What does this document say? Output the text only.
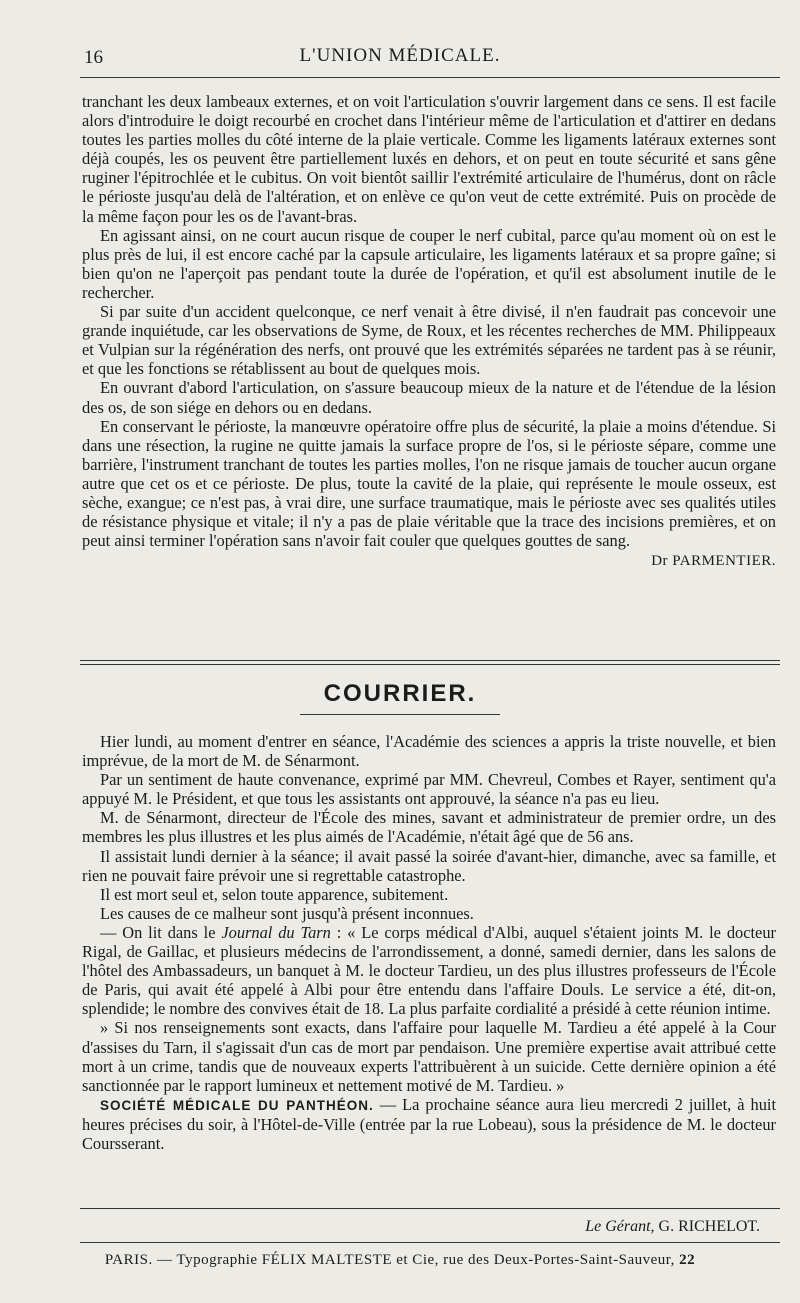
16	L'UNION MÉDICALE.

tranchant les deux lambeaux externes, et on voit l'articulation s'ouvrir largement dans ce sens. Il est facile alors d'introduire le doigt recourbé en crochet dans l'intérieur même de l'articulation et d'attirer en dedans toutes les parties molles du côté interne de la plaie verticale. Comme les ligaments latéraux externes sont déjà coupés, les os peuvent être partiellement luxés en dehors, et on peut en toute sécurité et sans gêne ruginer l'épitrochlée et le cubitus. On voit bientôt saillir l'extrémité articulaire de l'humérus, dont on râcle le périoste jusqu'au delà de l'altération, et on enlève ce qu'on veut de cette extrémité. Puis on procède de la même façon pour les os de l'avant-bras.

En agissant ainsi, on ne court aucun risque de couper le nerf cubital, parce qu'au moment où on est le plus près de lui, il est encore caché par la capsule articulaire, les ligaments latéraux et sa propre gaîne; si bien qu'on ne l'aperçoit pas pendant toute la durée de l'opération, et qu'il est absolument inutile de le rechercher.

Si par suite d'un accident quelconque, ce nerf venait à être divisé, il n'en faudrait pas concevoir une grande inquiétude, car les observations de Syme, de Roux, et les récentes recherches de MM. Philippeaux et Vulpian sur la régénération des nerfs, ont prouvé que les extrémités séparées ne tardent pas à se réunir, et que les fonctions se rétablissent au bout de quelques mois.

En ouvrant d'abord l'articulation, on s'assure beaucoup mieux de la nature et de l'étendue de la lésion des os, de son siége en dehors ou en dedans.

En conservant le périoste, la manœuvre opératoire offre plus de sécurité, la plaie a moins d'étendue. Si dans une résection, la rugine ne quitte jamais la surface propre de l'os, si le périoste sépare, comme une barrière, l'instrument tranchant de toutes les parties molles, l'on ne risque jamais de toucher aucun organe autre que cet os et ce périoste. De plus, toute la cavité de la plaie, qui représente le moule osseux, est sèche, exangue; ce n'est pas, à vrai dire, une surface traumatique, mais le périoste avec ses qualités utiles de résistance physique et vitale; il n'y a pas de plaie véritable que la trace des incisions premières, et on peut ainsi terminer l'opération sans n'avoir fait couler que quelques gouttes de sang.

Dr PARMENTIER.
COURRIER.

Hier lundi, au moment d'entrer en séance, l'Académie des sciences a appris la triste nouvelle, et bien imprévue, de la mort de M. de Sénarmont.

Par un sentiment de haute convenance, exprimé par MM. Chevreul, Combes et Rayer, sentiment qu'a appuyé M. le Président, et que tous les assistants ont approuvé, la séance n'a pas eu lieu.

M. de Sénarmont, directeur de l'École des mines, savant et administrateur de premier ordre, un des membres les plus illustres et les plus aimés de l'Académie, n'était âgé que de 56 ans.

Il assistait lundi dernier à la séance; il avait passé la soirée d'avant-hier, dimanche, avec sa famille, et rien ne pouvait faire prévoir une si regrettable catastrophe.

Il est mort seul et, selon toute apparence, subitement.

Les causes de ce malheur sont jusqu'à présent inconnues.

— On lit dans le Journal du Tarn : « Le corps médical d'Albi, auquel s'étaient joints M. le docteur Rigal, de Gaillac, et plusieurs médecins de l'arrondissement, a donné, samedi dernier, dans les salons de l'hôtel des Ambassadeurs, un banquet à M. le docteur Tardieu, un des plus illustres professeurs de l'École de Paris, qui avait été appelé à Albi pour être entendu dans l'affaire Douls. Le service a été, dit-on, splendide; le nombre des convives était de 18. La plus parfaite cordialité a présidé à cette réunion intime.

» Si nos renseignements sont exacts, dans l'affaire pour laquelle M. Tardieu a été appelé à la Cour d'assises du Tarn, il s'agissait d'un cas de mort par pendaison. Une première expertise avait attribué cette mort à un crime, tandis que de nouveaux experts l'attribuèrent à un suicide. Cette dernière opinion a été sanctionnée par le rapport lumineux et nettement motivé de M. Tardieu. »

SOCIÉTÉ MÉDICALE DU PANTHÉON. — La prochaine séance aura lieu mercredi 2 juillet, à huit heures précises du soir, à l'Hôtel-de-Ville (entrée par la rue Lobeau), sous la présidence de M. le docteur Coursserant.

Le Gérant, G. RICHELOT.
PARIS. — Typographie FÉLIX MALTESTE et Cie, rue des Deux-Portes-Saint-Sauveur, 22
